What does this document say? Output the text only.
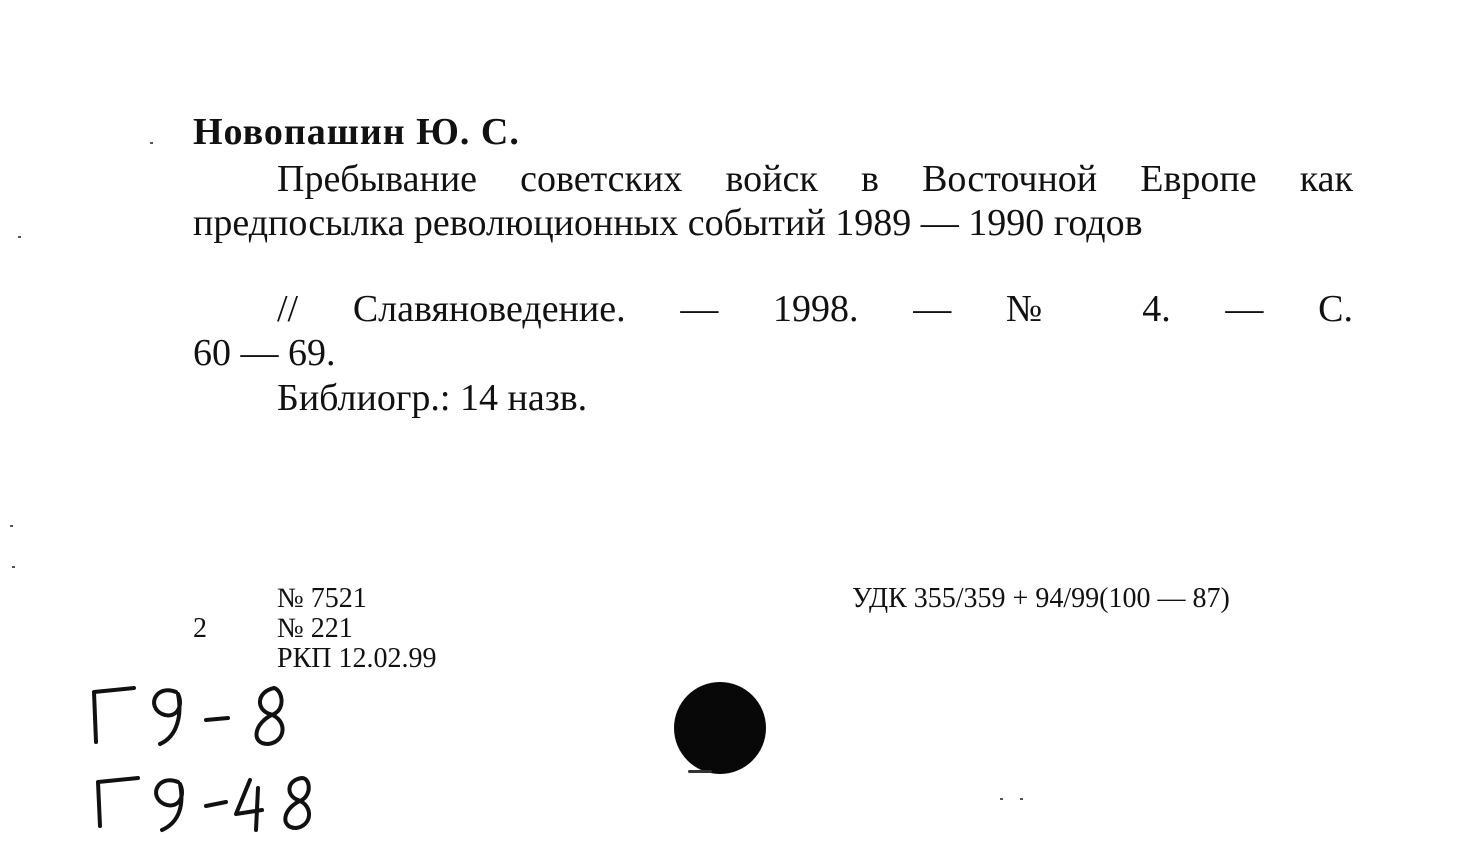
Новопашин Ю. С.

Пребывание советских войск в Восточной Европе как предпосылка революционных событий 1989 — 1990 годов

// Славяноведение. — 1998. — № 4. — С.
60 — 69.

Библиогр.: 14 назв.

№ 7521
2	№ 221
РКП 12.02.99
УДК 355/359 + 94/99(100 — 87)
